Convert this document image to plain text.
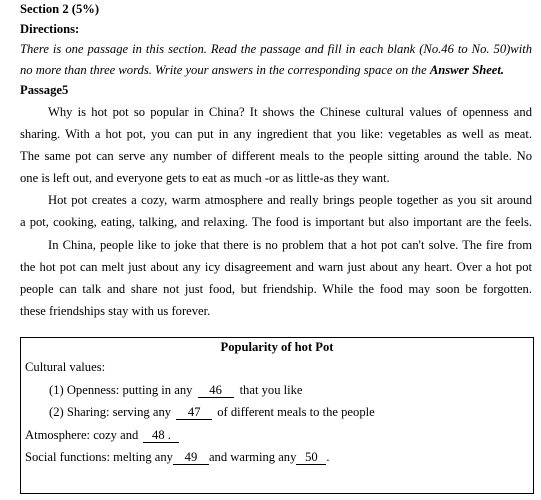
Section 2 (5%)
Directions:
There is one passage in this section. Read the passage and fill in each blank (No.46 to No. 50)with
no more than three words. Write your answers in the corresponding space on the Answer Sheet.
Passage5
Why is hot pot so popular in China? It shows the Chinese cultural values of openness and
sharing. With a hot pot, you can put in any ingredient that you like: vegetables as well as meat.
The same pot can serve any number of different meals to the people sitting around the table. No
one is left out, and everyone gets to eat as much -or as little-as they want.
Hot pot creates a cozy, warm atmosphere and really brings people together as you sit around
a pot, cooking, eating, talking, and relaxing. The food is important but also important are the feels.
In China, people like to joke that there is no problem that a hot pot can't solve. The fire from
the hot pot can melt just about any icy disagreement and warn just about any heart. Over a hot pot
people can talk and share not just food, but friendship. While the food may soon be forgotten.
these friendships stay with us forever.
Popularity of hot Pot
Cultural values:
(1) Openness: putting in any 46 that you like
(2) Sharing: serving any 47 of different meals to the people
Atmosphere: cozy and 48 .
Social functions: melting any 49 and warming any 50 .
